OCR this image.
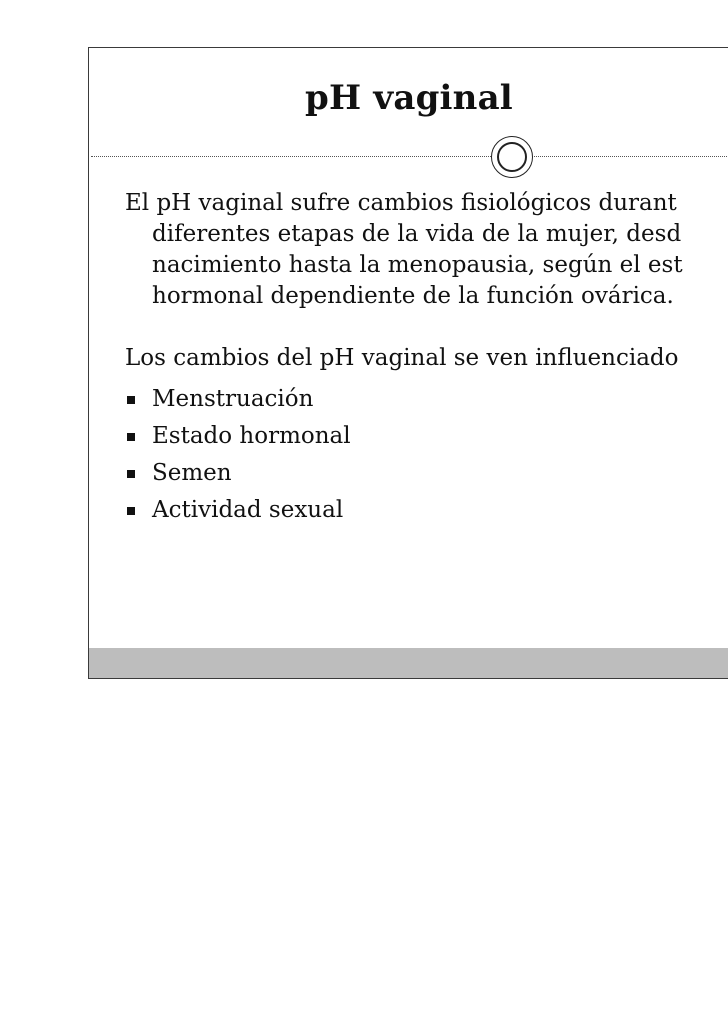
pH vaginal

El pH vaginal sufre cambios fisiológicos durant
diferentes etapas de la vida de la mujer, desd
nacimiento hasta la menopausia, según el est
hormonal dependiente de la función ovárica.

Los cambios del pH vaginal se ven influenciado

Menstruación
Estado hormonal
Semen
Actividad sexual
